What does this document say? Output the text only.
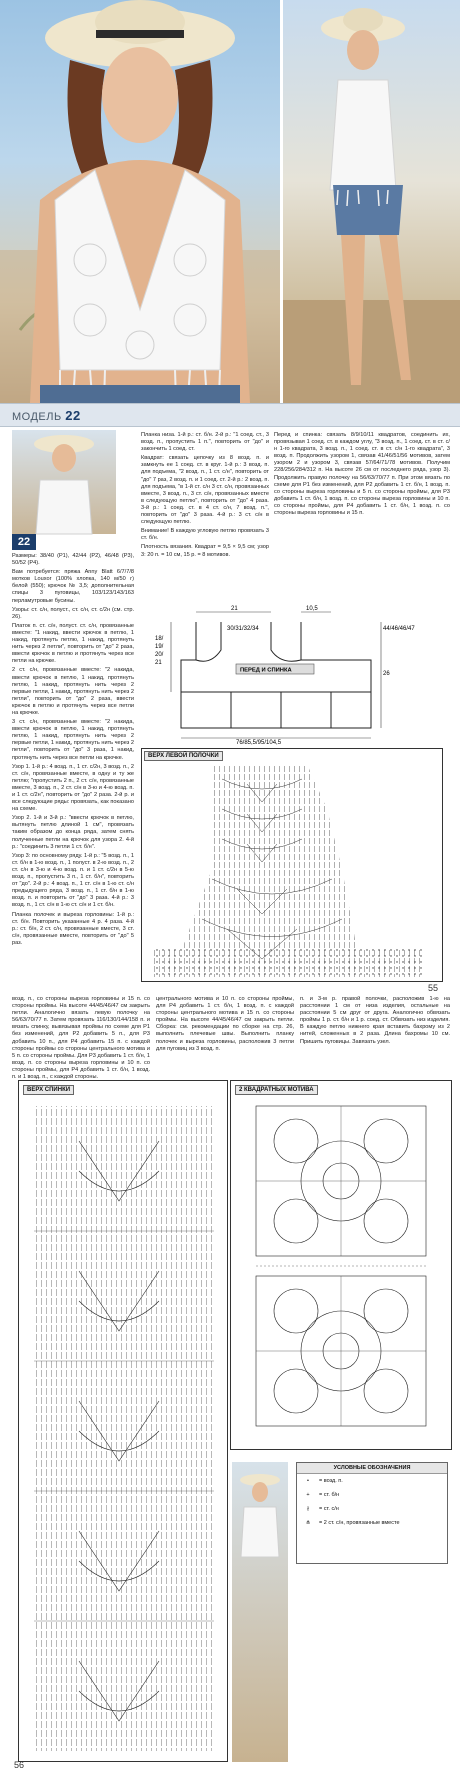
МОДЕЛЬ 22
22

Размеры: 38/40 (Р1), 42/44 (Р2), 46/48 (Р3), 50/52 (Р4).

Вам потребуется: пряжа Anny Blatt 6/7/7/8 мотков Louxor (100% хлопка, 140 м/50 г) белой (550); крючок № 3,5; дополнительная спицы 3 пуговицы, 103/123/143/163 перламутровые бусины.

Узоры: ст. с/н, полуст., ст. с/н, ст. с/2н (см. стр. 26).

Платок п. ст. с/н, полуст. ст. с/н, провязанные вместе: "1 накид, ввести крючок в петлю, 1 накид, протянуть петлю, 1 накид, протянуть нить через 2 петли", повторить от "до" 2 раза, ввести крючок в петлю и протянуть через все петли на крючке.

2 ст. с/н, провязанные вместе: "2 накида, ввести крючок в петлю, 1 накид, протянуть петлю, 1 накид, протянуть нить через 2 первые петли, 1 накид, протянуть нить через 2 петли", повторить от "до" 2 раза, ввести крючок в петлю и протянуть через все петли на крючке.

3 ст. с/н, провязанные вместе: "2 накида, ввести крючок в петлю, 1 накид, протянуть петлю, 1 накид, протянуть нить через 2 первые петли, 1 накид, протянуть нить через 2 петли", повторить от "до" 3 раза, 1 накид, протянуть нить через все петли на крючке.

Узор 1. 1-й р.: 4 возд. п., 1 ст. с/2н, 3 возд. п., 2 ст. с/н, провязанные вместе, в одну и ту же петлю; "пропустить 2 п., 2 ст. с/н, провязанные вместе, 3 возд. п., 2 ст. с/н в 3-ю и 4-ю возд. п. и 1 ст. с/2н", повторить от "до" 2 раза. 2-й р. и все следующие ряды: провязать, как показано на схеме.

Узор 2. 1-й и 3-й р.: "ввести крючок в петлю, вытянуть петлю длиной 1 см", провязать таким образом до конца ряда, затем снять полученные петли на крючок для узора 2. 4-й р.: "соединить 3 петли 1 ст. б/н".

Узор 3: по основному ряду. 1-й р.: "5 возд. п., 1 ст. б/н в 1-ю возд. п., 1 полуст. в 2-ю возд. п., 2 ст. с/н в 3-ю и 4-ю возд. п. и 1 ст. с/2н в 5-ю возд. п., пропустить 3 п., 1 ст. б/н", повторить от "до". 2-й р.: 4 возд. п., 1 ст. с/н в 1-ю ст. с/н предыдущего ряда, 3 возд. п., 1 ст. б/н в 1-ю возд. п. и повторить от "до" 3 раза. 4-й р.: 3 возд. п., 1 ст. с/н в 1-ю ст. с/н и 1 ст. б/н.

Планка полочек и выреза горловины: 1-й р.: ст. б/н. Повторить указанные 4 р. 4 раза. 4-й р.: ст. б/н, 2 ст. с/н, провязанные вместе, 3 ст. с/н, провязанные вместе, повторить от "до" 5 раз.

Планка низа. 1-й р.: ст. б/н. 2-й р.: "1 соед. ст., 3 возд. п., пропустить 1 п.", повторить от "до" и закончить 1 соед. ст.

Квадрат: связать цепочку из 8 возд. п. и замкнуть ее 1 соед. ст. в круг. 1-й р.: 3 возд. п. для подъема, "2 возд. п., 1 ст. с/н", повторить от "до" 7 раз, 2 возд. п. и 1 соед. ст. 2-й р.: 2 возд. п. для подъема, "в 1-й ст. с/н 3 ст. с/н, провязанных вместе, 3 возд. п., 3 ст. с/н, провязанных вместе в следующую петлю", повторить от "до" 4 раза. 3-й р.: 1 соед. ст. в 4 ст. с/н, 7 возд. п.", повторить от "до" 3 раза. 4-й р.: 3 ст. с/н в следующую петлю.

Внимание! В каждую угловую петлю провязать 3 ст. б/н.

Плотность вязания. Квадрат = 9,5 × 9,5 см; узор 3: 20 п. = 10 см, 15 р. = 8 мотивов.

Перед и спинка: связать 8/9/10/11 квадратов, соединить их, провязывая 1 соед. ст. в каждом углу, "3 возд. п., 1 соед. ст. в ст. с/н 1-го квадрата, 3 возд. п., 1 соед. ст. в ст. с/н 1-го квадрата", 3 возд. п. Продолжить узором 1, связав 41/46/51/56 мотивов, затем узором 2 и узором 3, связав 57/64/71/78 мотивов. Получим 228/256/284/312 п. На высоте 26 см от последнего ряда, узор 3). Продолжить правую полочку на 56/63/70/77 п. При этом вязать по схеме для Р1 без изменений, для Р2 добавить 1 ст. б/н, 1 возд. п. со стороны выреза горловины и 5 п. со стороны проймы, для Р3 добавить 1 ст. б/н, 1 возд. п. со стороны выреза горловины и 10 п. со стороны проймы, для Р4 добавить 1 ст. б/н, 1 возд. п. со стороны выреза горловины и 15 п.

21	10,5
30/31/32/34	44/46/46/47
26
18/
19/
20/
21
ПЕРЕД И СПИНКА
76/85,5/95/104,5
ВЕРХ ЛЕВОЙ ПОЛОЧКИ
55

возд. п., со стороны выреза горловины и 15 п. со стороны проймы. На высоте 44/45/46/47 см закрыть петли. Аналогично вязать левую полочку на 56/63/70/77 п. Затем провязать 116/130/144/158 п. и вязать спинку, вывязывая проймы по схеме для Р1 без изменений, для Р2 добавить 5 п., для Р3 добавить 10 п., для Р4 добавить 15 п. с каждой стороны проймы со стороны центрального мотива и 5 п. со стороны проймы. Для Р3 добавить 1 ст. б/н, 1 возд. п. со стороны выреза горловины и 10 п. со стороны проймы, для Р4 добавить 1 ст. б/н, 1 возд. п. и 1 возд. п., с каждой стороны.

центрального мотива и 10 п. со стороны проймы, для Р4 добавить 1 ст. б/н, 1 возд. п. с каждой стороны центрального мотива и 15 п. со стороны проймы. На высоте 44/45/46/47 см закрыть петли. Сборка: см. рекомендации по сборке на стр. 26, выполнить плечевые швы. Выполнить планку полочек и выреза горловины, расположив 3 петли для пуговиц из 3 возд. п.

п. и 3-м р. правой полочки, расположив 1-ю на расстоянии 1 см от низа изделия, остальные на расстоянии 5 см друг от друга. Аналогично обвязать проймы 1 р. ст. б/н и 1 р. соед. ст. Обвязать низ изделия. В каждую петлю нижнего края вставить бахрому из 2 нитей, сложенных в 2 раза. Длина бахромы 10 см. Пришить пуговицы. Завязать узел.

ВЕРХ СПИНКИ	2 КВАДРАТНЫХ МОТИВА
УСЛОВНЫЕ ОБОЗНАЧЕНИЯ
•	= возд. п.
+	= ст. б/н
∤	= ст. с/н
⋔	= 2 ст. с/н, провязанные вместе
56
